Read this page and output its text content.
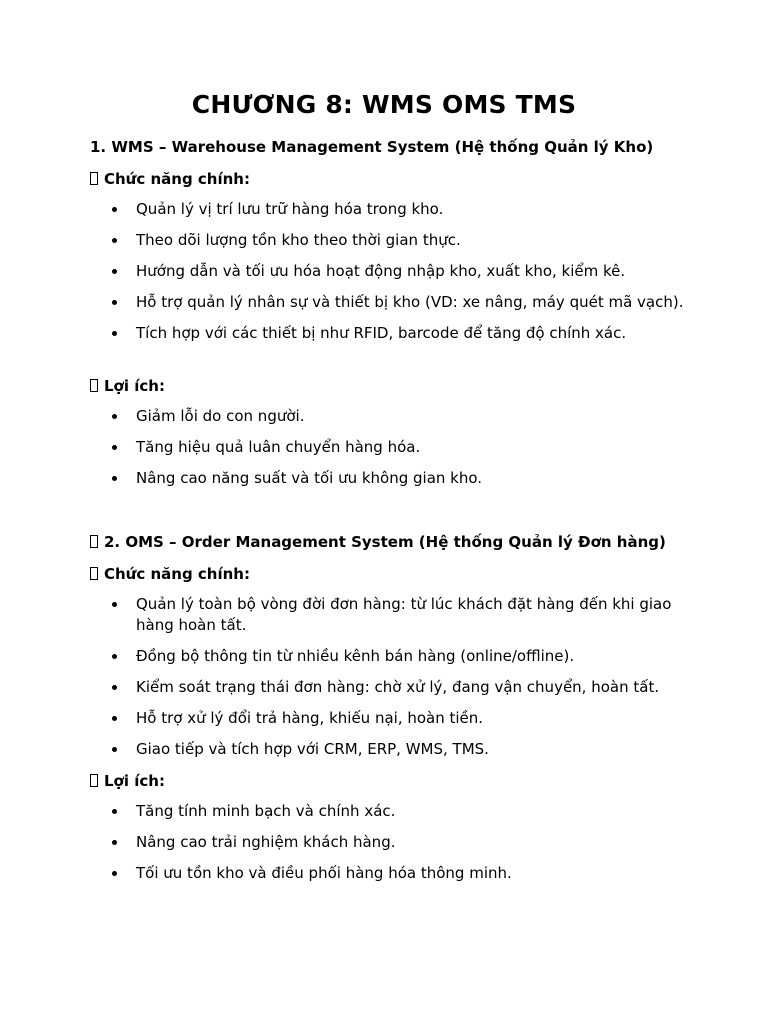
CHƯƠNG 8: WMS OMS TMS

1. WMS – Warehouse Management System (Hệ thống Quản lý Kho)

Chức năng chính:

Quản lý vị trí lưu trữ hàng hóa trong kho.
Theo dõi lượng tồn kho theo thời gian thực.
Hướng dẫn và tối ưu hóa hoạt động nhập kho, xuất kho, kiểm kê.
Hỗ trợ quản lý nhân sự và thiết bị kho (VD: xe nâng, máy quét mã vạch).
Tích hợp với các thiết bị như RFID, barcode để tăng độ chính xác.

Lợi ích:

Giảm lỗi do con người.
Tăng hiệu quả luân chuyển hàng hóa.
Nâng cao năng suất và tối ưu không gian kho.

2. OMS – Order Management System (Hệ thống Quản lý Đơn hàng)

Chức năng chính:

Quản lý toàn bộ vòng đời đơn hàng: từ lúc khách đặt hàng đến khi giao hàng hoàn tất.
Đồng bộ thông tin từ nhiều kênh bán hàng (online/offline).
Kiểm soát trạng thái đơn hàng: chờ xử lý, đang vận chuyển, hoàn tất.
Hỗ trợ xử lý đổi trả hàng, khiếu nại, hoàn tiền.
Giao tiếp và tích hợp với CRM, ERP, WMS, TMS.

Lợi ích:

Tăng tính minh bạch và chính xác.
Nâng cao trải nghiệm khách hàng.
Tối ưu tồn kho và điều phối hàng hóa thông minh.
